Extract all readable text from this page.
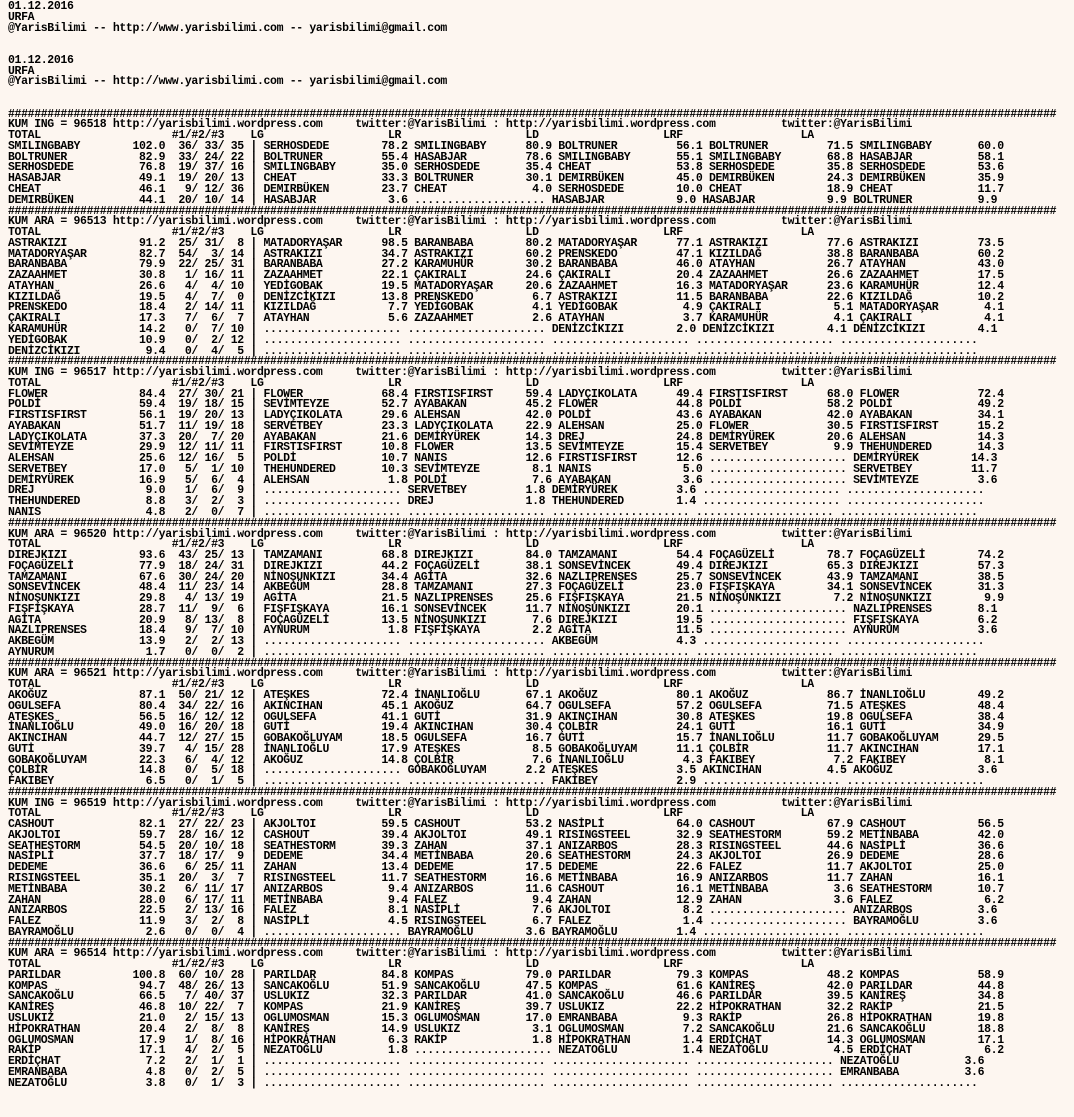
01.12.2016
URFA
@YarisBilimi -- http://www.yarisbilimi.com -- yarisbilimi@gmail.com
01.12.2016
URFA
@YarisBilimi -- http://www.yarisbilimi.com -- yarisbilimi@gmail.com
################################################################################################################################################################
KUM ING = 96518 http://yarisbilimi.wordpress.com     twitter:@YarisBilimi : http://yarisbilimi.wordpress.com          twitter:@YarisBilimi
TOTAL                    #1/#2/#3    LG                   LR                   LD                   LRF                  LA
SMILINGBABY        102.0  36/ 33/ 35 | SERHOSDEDE        78.2 SMILINGBABY      80.9 BOLTRUNER         56.1 BOLTRUNER         71.5 SMILINGBABY       60.0
BOLTRUNER           82.9  33/ 24/ 22 | BOLTRUNER         55.4 HASABJAR         78.6 SMILINGBABY       55.1 SMILINGBABY       68.8 HASABJAR          58.1
SERHOSDEDE          76.8  19/ 37/ 16 | SMILINGBABY       35.0 SERHOSDEDE       35.4 CHEAT             53.8 SERHOSDEDE        35.8 SERHOSDEDE        53.6
HASABJAR            49.1  19/ 20/ 13 | CHEAT             33.3 BOLTRUNER        30.1 DEMIRBÜKEN        45.0 DEMIRBÜKEN        24.3 DEMIRBÜKEN        35.9
CHEAT               46.1   9/ 12/ 36 | DEMIRBÜKEN        23.7 CHEAT             4.0 SERHOSDEDE        10.0 CHEAT             18.9 CHEAT             11.7
DEMIRBÜKEN          44.1  20/ 10/ 14 | HASABJAR           3.6 .................... HASABJAR           9.0 HASABJAR           9.9 BOLTRUNER          9.9
################################################################################################################################################################
KUM ARA = 96513 http://yarisbilimi.wordpress.com     twitter:@YarisBilimi : http://yarisbilimi.wordpress.com          twitter:@YarisBilimi
TOTAL                    #1/#2/#3    LG                   LR                   LD                   LRF                  LA
ASTRAKIZI           91.2  25/ 31/  8 | MATADORYAŞAR      98.5 BARANBABA        80.2 MATADORYAŞAR      77.1 ASTRAKIZI         77.6 ASTRAKIZI         73.5
MATADORYAŞAR        82.7  54/  3/ 14 | ASTRAKIZI         34.7 ASTRAKIZI        60.2 PRENSKEDO         47.1 KIZILDAĞ          38.8 BARANBABA         60.2
BARANBABA           79.9  22/ 25/ 31 | BARANBABA         27.2 KARAMUHÜR        30.2 BARANBABA         46.0 ATAYHAN           26.7 ATAYHAN           43.0
ZAZAAHMET           30.8   1/ 16/ 11 | ZAZAAHMET         22.1 ÇAKIRALI         24.6 ÇAKIRALI          20.4 ZAZAAHMET         26.6 ZAZAAHMET         17.5
ATAYHAN             26.6   4/  4/ 10 | YEDİGOBAK         19.5 MATADORYAŞAR     20.6 ZAZAAHMET         16.3 MATADORYAŞAR      23.6 KARAMUHÜR         12.4
KIZILDAĞ            19.5   4/  7/  0 | DENİZCİKIZI       13.8 PRENSKEDO         6.7 ASTRAKIZI         11.5 BARANBABA         22.6 KIZILDAĞ          10.2
PRENSKEDO           18.4   2/ 14/ 11 | KIZILDAĞ           7.7 YEDİGOBAK         4.1 YEDİGOBAK          4.9 ÇAKIRALI           5.1 MATADORYAŞAR       4.1
ÇAKIRALI            17.3   7/  6/  7 | ATAYHAN            5.6 ZAZAAHMET         2.6 ATAYHAN            3.7 KARAMUHÜR          4.1 ÇAKIRALI           4.1
KARAMUHÜR           14.2   0/  7/ 10 | ..................... ..................... DENİZCİKIZI        2.0 DENİZCİKIZI        4.1 DENİZCİKIZI        4.1
YEDİGOBAK           10.9   0/  2/ 12 | ..................... ..................... ..................... ..................... .....................
DENİZCİKIZI          9.4   0/  4/  5 | ..................... ..................... ..................... ..................... .....................
################################################################################################################################################################
KUM ING = 96517 http://yarisbilimi.wordpress.com     twitter:@YarisBilimi : http://yarisbilimi.wordpress.com          twitter:@YarisBilimi
TOTAL                    #1/#2/#3    LG                   LR                   LD                   LRF                  LA
FLOWER              84.4  27/ 30/ 21 | FLOWER            68.4 FIRSTISFIRST     59.4 LADYÇIKOLATA      49.4 FIRSTISFIRST      68.0 FLOWER            72.4
POLDİ               59.4  19/ 18/ 15 | SEVİMTEYZE        52.7 AYABAKAN         45.2 FLOWER            44.8 POLDİ             58.2 POLDİ             49.2
FIRSTISFIRST        56.1  19/ 20/ 13 | LADYÇIKOLATA      29.6 ALEHSAN          42.0 POLDİ             43.6 AYABAKAN          42.0 AYABAKAN          34.1
AYABAKAN            51.7  11/ 19/ 18 | SERVETBEY         23.3 LADYÇIKOLATA     22.9 ALEHSAN           25.0 FLOWER            30.5 FIRSTISFIRST      15.2
LADYÇIKOLATA        37.3  20/  7/ 20 | AYABAKAN          21.6 DEMİRYÜREK       14.3 DREJ              24.8 DEMİRYÜREK        20.6 ALEHSAN           14.3
SEVİMTEYZE          29.9  12/ 11/ 11 | FIRSTISFIRST      10.8 FLOWER           13.5 SEVİMTEYZE        15.4 SERVETBEY          9.9 THEHUNDERED       14.3
ALEHSAN             25.6  12/ 16/  5 | POLDİ             10.7 NANIS            12.6 FIRSTISFIRST      12.6 ..................... DEMİRYÜREK        14.3
SERVETBEY           17.0   5/  1/ 10 | THEHUNDERED       10.3 SEVİMTEYZE        8.1 NANIS              5.0 ..................... SERVETBEY         11.7
DEMİRYÜREK          16.9   5/  6/  4 | ALEHSAN            1.8 POLDİ             7.6 AYABAKAN           3.6 ..................... SEVİMTEYZE         3.6
DREJ                 9.0   1/  6/  9 | ..................... SERVETBEY         1.8 DEMİRYÜREK         3.6 ..................... .....................
THEHUNDERED          8.8   3/  2/  3 | ..................... DREJ              1.8 THEHUNDERED        1.4 ..................... .....................
NANIS                4.8   2/  0/  7 | ..................... ..................... ..................... ..................... .....................
################################################################################################################################################################
KUM ARA = 96520 http://yarisbilimi.wordpress.com     twitter:@YarisBilimi : http://yarisbilimi.wordpress.com          twitter:@YarisBilimi
TOTAL                    #1/#2/#3    LG                   LR                   LD                   LRF                  LA
DIREJKIZI           93.6  43/ 25/ 13 | TAMZAMANI         68.8 DIREJKIZI        84.0 TAMZAMANI         54.4 FOÇAGÜZELİ        78.7 FOÇAGÜZELİ        74.2
FOÇAGÜZELİ          77.9  18/ 24/ 31 | DIREJKIZI         44.2 FOÇAGÜZELİ       38.1 SONSEVİNCEK       49.4 DIREJKIZI         65.3 DIREJKIZI         57.3
TAMZAMANI           67.6  30/ 24/ 20 | NİNOŞUNKIZI       34.4 AGİTA            32.6 NAZLIPRENSES      25.7 SONSEVİNCEK       43.9 TAMZAMANI         38.5
SONSEVİNCEK         48.4  11/ 23/ 14 | AKBEGÜM           28.8 TAMZAMANI        27.3 FOÇAGÜZELİ        23.0 FIŞFIŞKAYA        34.1 SONSEVİNCEK       31.3
NİNOŞUNKIZI         29.8   4/ 13/ 19 | AGİTA             21.5 NAZLIPRENSES     25.6 FIŞFIŞKAYA        21.5 NİNOŞUNKIZI        7.2 NİNOŞUNKIZI        9.9
FIŞFIŞKAYA          28.7  11/  9/  6 | FIŞFIŞKAYA        16.1 SONSEVİNCEK      11.7 NİNOŞUNKIZI       20.1 ..................... NAZLIPRENSES       8.1
AGİTA               20.9   8/ 13/  8 | FOÇAGÜZELİ        13.5 NİNOŞUNKIZI       7.6 DIREJKIZI         19.5 ..................... FIŞFIŞKAYA         6.2
NAZLIPRENSES        18.4   9/  7/ 10 | AYNURUM            1.8 FIŞFIŞKAYA        2.2 AGİTA             11.5 ..................... AYNURUM            3.6
AKBEGÜM             13.9   2/  2/ 13 | ..................... ..................... AKBEGÜM            4.3 ..................... .....................
AYNURUM              1.7   0/  0/  2 | ..................... ..................... ..................... ..................... .....................
################################################################################################################################################################
KUM ARA = 96521 http://yarisbilimi.wordpress.com     twitter:@YarisBilimi : http://yarisbilimi.wordpress.com          twitter:@YarisBilimi
TOTAL                    #1/#2/#3    LG                   LR                   LD                   LRF                  LA
AKOĞUZ              87.1  50/ 21/ 12 | ATEŞKES           72.4 İNANLIOĞLU       67.1 AKOĞUZ            80.1 AKOĞUZ            86.7 İNANLIOĞLU        49.2
OGULSEFA            80.4  34/ 22/ 16 | AKINCIHAN         45.1 AKOĞUZ           64.7 OGULSEFA          57.2 OGULSEFA          71.5 ATEŞKES           48.4
ATEŞKES             56.5  16/ 12/ 12 | OGULSEFA          41.1 GUTİ             31.9 AKINCIHAN         30.8 ATEŞKES           19.8 OGULSEFA          38.4
İNANLIOĞLU          49.0  16/ 20/ 18 | GUTİ              19.4 AKINCIHAN        30.4 ÇOLBİR            24.1 GUTİ              16.1 GUTİ              34.9
AKINCIHAN           44.7  12/ 27/ 15 | GOBAKOĞLUYAM      18.5 OGULSEFA         16.7 GUTİ              15.7 İNANLIOĞLU        11.7 GOBAKOĞLUYAM      29.5
GUTİ                39.7   4/ 15/ 28 | İNANLIOĞLU        17.9 ATEŞKES           8.5 GOBAKOĞLUYAM      11.1 ÇOLBİR            11.7 AKINCIHAN         17.1
GOBAKOĞLUYAM        22.3   6/  4/ 12 | AKOĞUZ            14.8 ÇOLBİR            7.6 İNANLIOĞLU         4.3 FAKIBEY            7.2 FAKIBEY            8.1
ÇOLBİR              14.8   0/  5/ 18 | ..................... GOBAKOĞLUYAM      2.2 ATEŞKES            3.5 AKINCIHAN          4.5 AKOĞUZ             3.6
FAKIBEY              6.5   0/  1/  5 | ..................... ..................... FAKIBEY            2.9 ..................... .....................
################################################################################################################################################################
KUM ING = 96519 http://yarisbilimi.wordpress.com     twitter:@YarisBilimi : http://yarisbilimi.wordpress.com          twitter:@YarisBilimi
TOTAL                    #1/#2/#3    LG                   LR                   LD                   LRF                  LA
CASHOUT             82.1  27/ 22/ 23 | AKJOLTOI          59.5 CASHOUT          53.2 NASİPLİ           64.0 CASHOUT           67.9 CASHOUT           56.5
AKJOLTOI            59.7  28/ 16/ 12 | CASHOUT           39.4 AKJOLTOI         49.1 RISINGSTEEL       32.9 SEATHESTORM       59.2 METİNBABA         42.0
SEATHESTORM         54.5  20/ 10/ 18 | SEATHESTORM       39.3 ZAHAN            37.1 ANIZARBOS         28.3 RISINGSTEEL       44.6 NASİPLİ           36.6
NASİPLİ             37.7  18/ 17/  9 | DEDEME            34.4 METİNBABA        20.6 SEATHESTORM       24.3 AKJOLTOI          26.9 DEDEME            28.6
DEDEME              36.6   6/ 25/ 11 | ZAHAN             13.4 DEDEME           17.5 DEDEME            22.6 FALEZ             11.7 AKJOLTOI          25.0
RISINGSTEEL         35.1  20/  3/  7 | RISINGSTEEL       11.7 SEATHESTORM      16.6 METİNBABA         16.9 ANIZARBOS         11.7 ZAHAN             16.1
METİNBABA           30.2   6/ 11/ 17 | ANIZARBOS          9.4 ANIZARBOS        11.6 CASHOUT           16.1 METİNBABA          3.6 SEATHESTORM       10.7
ZAHAN               28.0   6/ 17/ 11 | METİNBABA          9.4 FALEZ             9.4 ZAHAN             12.9 ZAHAN              3.6 FALEZ              6.2
ANIZARBOS           22.5   2/ 13/ 16 | FALEZ              8.1 NASİPLİ           7.6 AKJOLTOI           8.2 ..................... ANIZARBOS          3.6
FALEZ               11.9   3/  2/  8 | NASİPLİ            4.5 RISINGSTEEL       6.7 FALEZ              1.4 ..................... BAYRAMOĞLU         3.6
BAYRAMOĞLU           2.6   0/  0/  4 | ..................... BAYRAMOĞLU        3.6 BAYRAMOĞLU         1.4 ..................... .....................
################################################################################################################################################################
KUM ARA = 96514 http://yarisbilimi.wordpress.com     twitter:@YarisBilimi : http://yarisbilimi.wordpress.com          twitter:@YarisBilimi
TOTAL                    #1/#2/#3    LG                   LR                   LD                   LRF                  LA
PARILDAR           100.8  60/ 10/ 28 | PARILDAR          84.8 KOMPAS           79.0 PARILDAR          79.3 KOMPAS            48.2 KOMPAS            58.9
KOMPAS              94.7  48/ 26/ 13 | SANCAKOĞLU        51.9 SANCAKOĞLU       47.5 KOMPAS            61.6 KANİREŞ           42.0 PARILDAR          44.8
SANCAKOĞLU          66.5   7/ 40/ 37 | USLUKIZ           32.3 PARILDAR         41.0 SANCAKOĞLU        46.6 PARILDAR          39.5 KANİREŞ           34.8
KANİREŞ             46.8  10/ 22/  7 | KOMPAS            21.9 KANİREŞ          39.7 USLUKIZ           22.2 HİPOKRATHAN       32.2 RAKİP             21.5
USLUKIZ             21.0   2/ 15/ 13 | OGLUMOSMAN        15.3 OGLUMOSMAN       17.0 EMRANBABA          9.3 RAKİP             26.8 HİPOKRATHAN       19.8
HİPOKRATHAN         20.4   2/  8/  8 | KANİREŞ           14.9 USLUKIZ           3.1 OGLUMOSMAN         7.2 SANCAKOĞLU        21.6 SANCAKOĞLU        18.8
OGLUMOSMAN          17.9   1/  8/ 16 | HİPOKRATHAN        6.3 RAKİP             1.8 HİPOKRATHAN        1.4 ERDİÇHAT          14.3 OGLUMOSMAN        17.1
RAKİP               17.1   4/  2/  5 | NEZATOĞLU          1.8 ..................... NEZATOĞLU          1.4 NEZATOĞLU          4.5 ERDİÇHAT           6.2
ERDİÇHAT             7.2   2/  1/  1 | ..................... ..................... ..................... ..................... NEZATOĞLU          3.6
EMRANBABA            4.8   0/  2/  5 | ..................... ..................... ..................... ..................... EMRANBABA          3.6
NEZATOĞLU            3.8   0/  1/  3 | ..................... ..................... ..................... ..................... .....................
